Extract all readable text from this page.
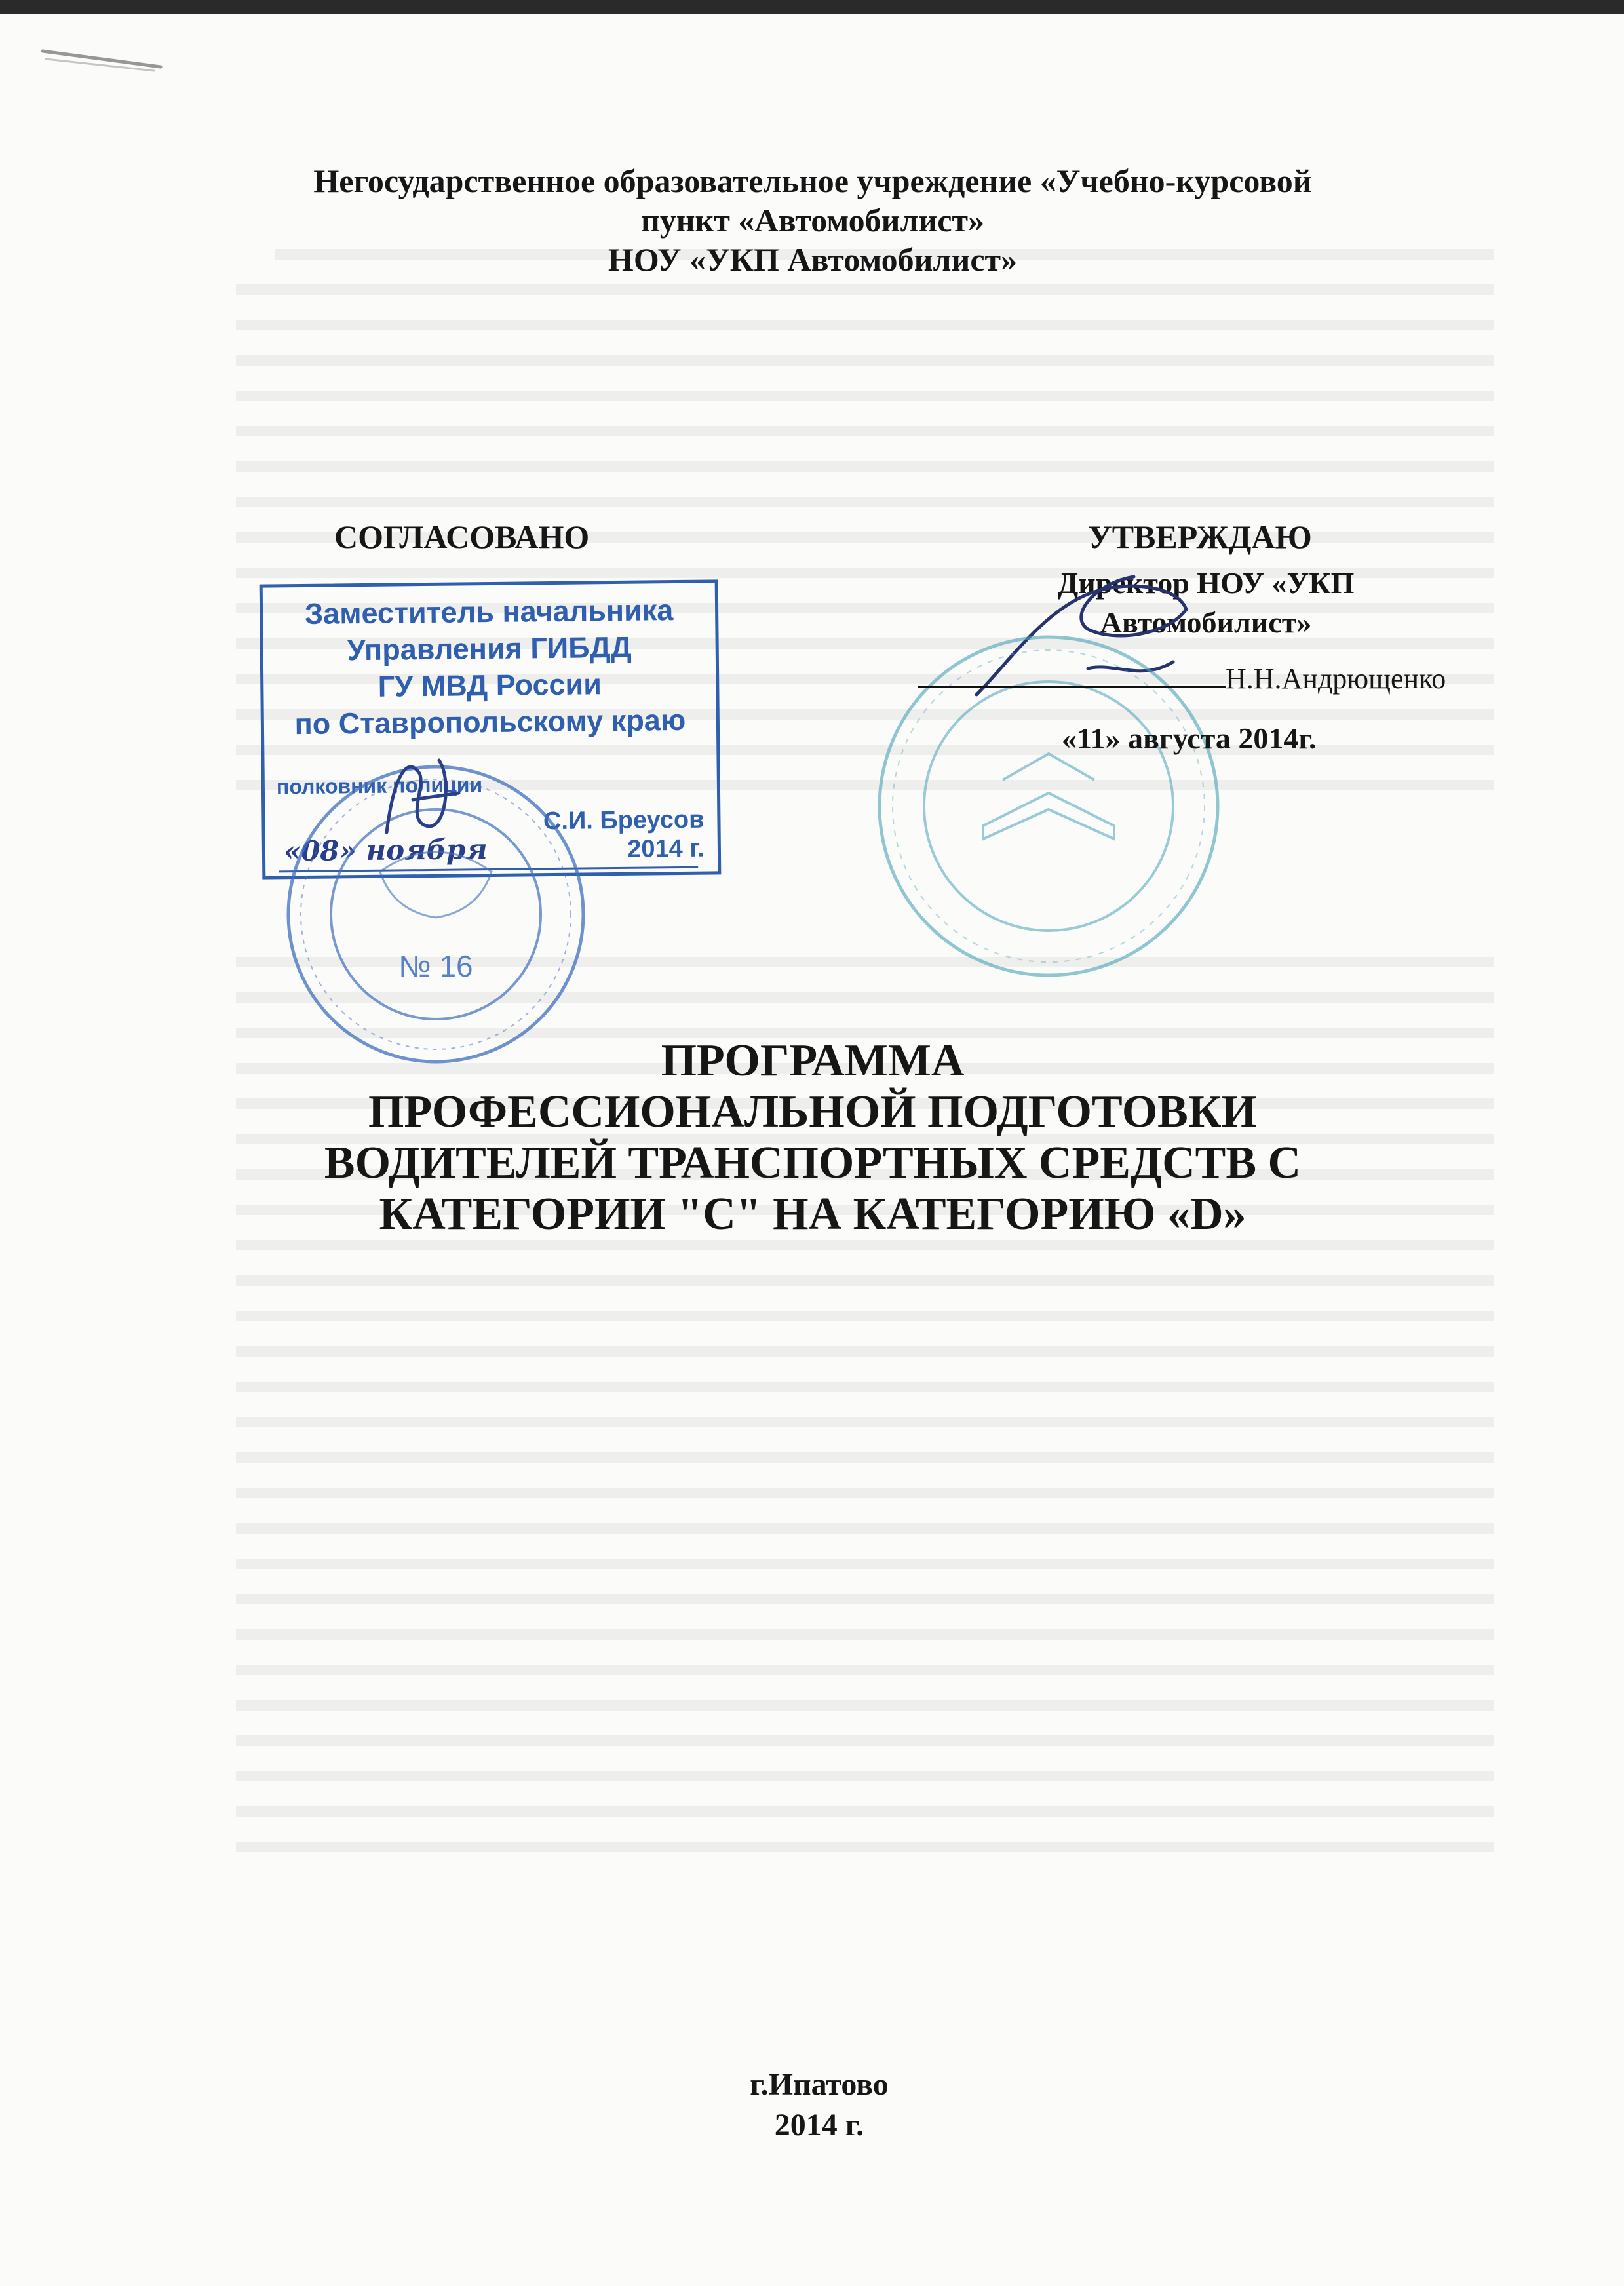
Негосударственное образовательное учреждение «Учебно-курсовой
пункт «Автомобилист»
НОУ «УКП Автомобилист»
СОГЛАСОВАНО
Заместитель начальника
Управления ГИБДД
ГУ МВД России
по Ставропольскому краю
полковник полиции
С.И. Бреусов
«08» ноября	2014 г.
№ 16
УТВЕРЖДАЮ
Директор НОУ «УКП
Автомобилист»
Н.Н.Андрющенко
«11» августа 2014г.
ПРОГРАММА
ПРОФЕССИОНАЛЬНОЙ ПОДГОТОВКИ
ВОДИТЕЛЕЙ ТРАНСПОРТНЫХ СРЕДСТВ С
КАТЕГОРИИ "С" НА КАТЕГОРИЮ «D»
г.Ипатово
2014 г.
